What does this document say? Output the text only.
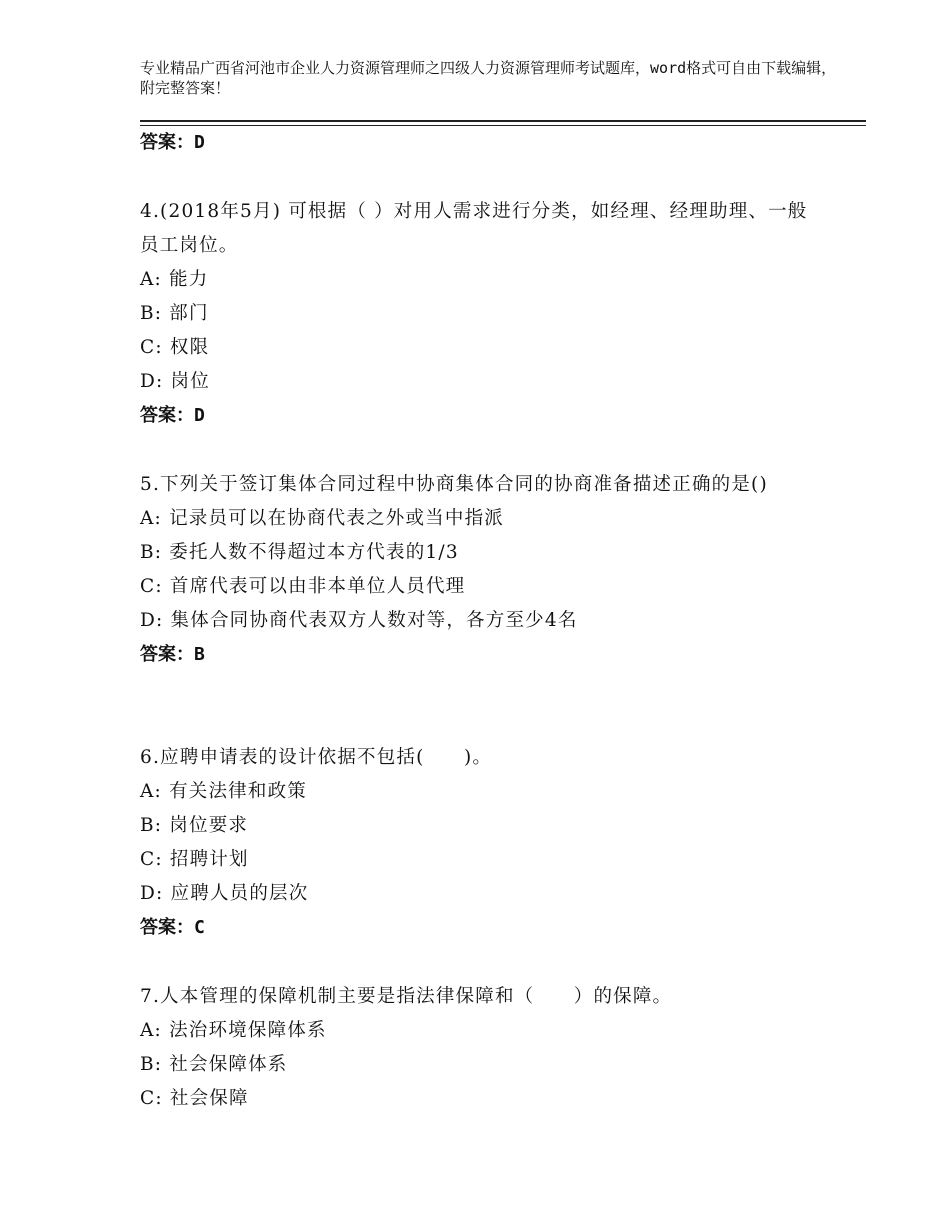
专业精品广西省河池市企业人力资源管理师之四级人力资源管理师考试题库，word格式可自由下载编辑，附完整答案！
答案：D
4.(2018年5月) 可根据（ ）对用人需求进行分类，如经理、经理助理、一般员工岗位。
A: 能力
B: 部门
C: 权限
D: 岗位
答案：D
5.下列关于签订集体合同过程中协商集体合同的协商准备描述正确的是()
A: 记录员可以在协商代表之外或当中指派
B: 委托人数不得超过本方代表的1/3
C: 首席代表可以由非本单位人员代理
D: 集体合同协商代表双方人数对等，各方至少4名
答案：B
6.应聘申请表的设计依据不包括(　　)。
A: 有关法律和政策
B: 岗位要求
C: 招聘计划
D: 应聘人员的层次
答案：C
7.人本管理的保障机制主要是指法律保障和（　　）的保障。
A: 法治环境保障体系
B: 社会保障体系
C: 社会保障
